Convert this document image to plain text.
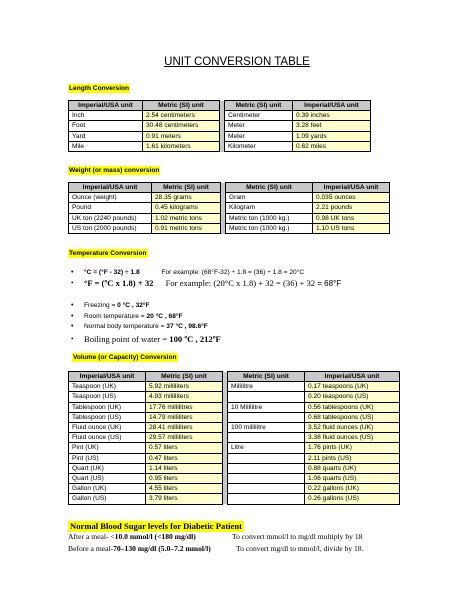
UNIT CONVERSION TABLE
Length Conversion
Imperial/USA unit	Metric (SI) unit		Metric (SI) unit	Imperial/USA unit
Inch	2.54 centimeters		Centimeter	0.39 inches
Foot	30.48 centimeters		Meter	3.28 feet
Yard	0.91 meters		Meter	1.09 yards
Mile	1.61 kilometers		Kilometer	0.62 miles
Weight (or mass) conversion
Imperial/USA unit	Metric (SI) unit		Metric (SI) unit	Imperial/USA unit
Ounce (weight)	28.35 grams		Gram	0.035 ounces
Pound	0.45 kilograms		Kilogram	2.21 pounds
UK ton (2240 pounds)	1.02 metric tons		Metric ton (1000 kg.)	0.98 UK tons
US ton (2000 pounds)	0.91 metric tons		Metric ton (1000 kg.)	1.10 US tons
Temperature Conversion
• °C = (°F - 32) ÷ 1.8	For example: (68°F-32) ÷ 1.8 = (36) ÷ 1.8 = 20°C
• °F = (ºC x 1.8) + 32 For example: (20°C x 1.8) + 32 = (36) + 32 = 68°F
• Freezing = 0 °C , 32°F
• Room temperature = 20 °C , 68°F
• Normal body temperature = 37 °C , 98.6°F
• Boiling point of water = 100 ºC , 212ºF
Volume (or Capacity) Conversion
Imperial/USA unit	Metric (SI) unit		Metric (SI) unit	Imperial/USA unit
Teaspoon (UK)	5.92 milliliters		Millilitre	0.17 teaspoons (UK)
Teaspoon (US)	4.93 milliliters			0.20 teaspoons (US)
Tablespoon (UK)	17.76 millilitres		10 Millilitre	0.56 tablespoons (UK)
Tablespoon (US)	14.79 milliliters			0.68 tablespoons (US)
Fluid ounce (UK)	28.41 milliliters		100 millilitre	3.52 fluid ounces (UK)
Fluid ounce (US)	29.57 milliliters			3.38 fluid ounces (US)
Pint (UK)	0.57 liters		Litre	1.76 pints (UK)
Pint (US)	0.47 liters			2.11 pints (US)
Quart (UK)	1.14 liters			0.88 quarts (UK)
Quart (US)	0.95 liters			1.06 quarts (US)
Gallon (UK)	4.55 liters			0.22 gallons (UK)
Gallon (US)	3.79 liters			0.26 gallons (US)
Normal Blood Sugar levels for Diabetic Patient
After a meal- <10.0 mmol/l (<180 mg/dl)	To convert mmol/l to mg/dl multiply by 18
Before a meal-70–130 mg/dl (5.0–7.2 mmol/l)	To convert mg/dl to mmol/l, divide by 18.
